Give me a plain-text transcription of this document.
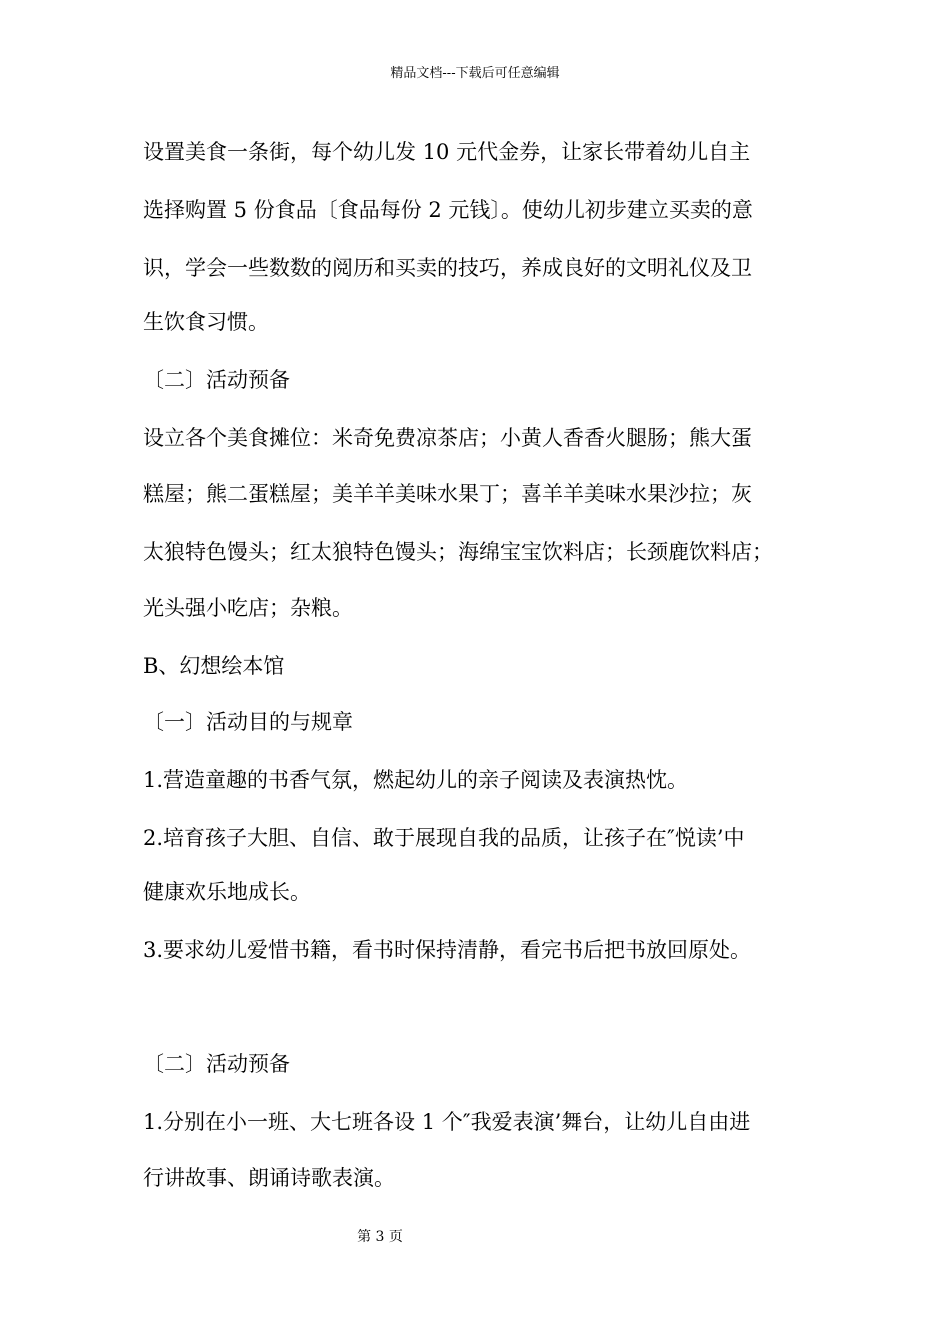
精品文档---下载后可任意编辑
设置美食一条街，每个幼儿发 10 元代金券，让家长带着幼儿自主
选择购置 5 份食品〔食品每份 2 元钱〕。使幼儿初步建立买卖的意
识，学会一些数数的阅历和买卖的技巧，养成良好的文明礼仪及卫
生饮食习惯。
〔二〕活动预备
设立各个美食摊位：米奇免费凉茶店；小黄人香香火腿肠；熊大蛋
糕屋；熊二蛋糕屋；美羊羊美味水果丁；喜羊羊美味水果沙拉；灰
太狼特色馒头；红太狼特色馒头；海绵宝宝饮料店；长颈鹿饮料店；
光头强小吃店；杂粮。
B、幻想绘本馆
〔一〕活动目的与规章
1.营造童趣的书香气氛，燃起幼儿的亲子阅读及表演热忱。
2.培育孩子大胆、自信、敢于展现自我的品质，让孩子在″悦读’中
健康欢乐地成长。
3.要求幼儿爱惜书籍，看书时保持清静，看完书后把书放回原处。
〔二〕活动预备
1.分别在小一班、大七班各设 1 个″我爱表演’舞台，让幼儿自由进
行讲故事、朗诵诗歌表演。
第 3 页
